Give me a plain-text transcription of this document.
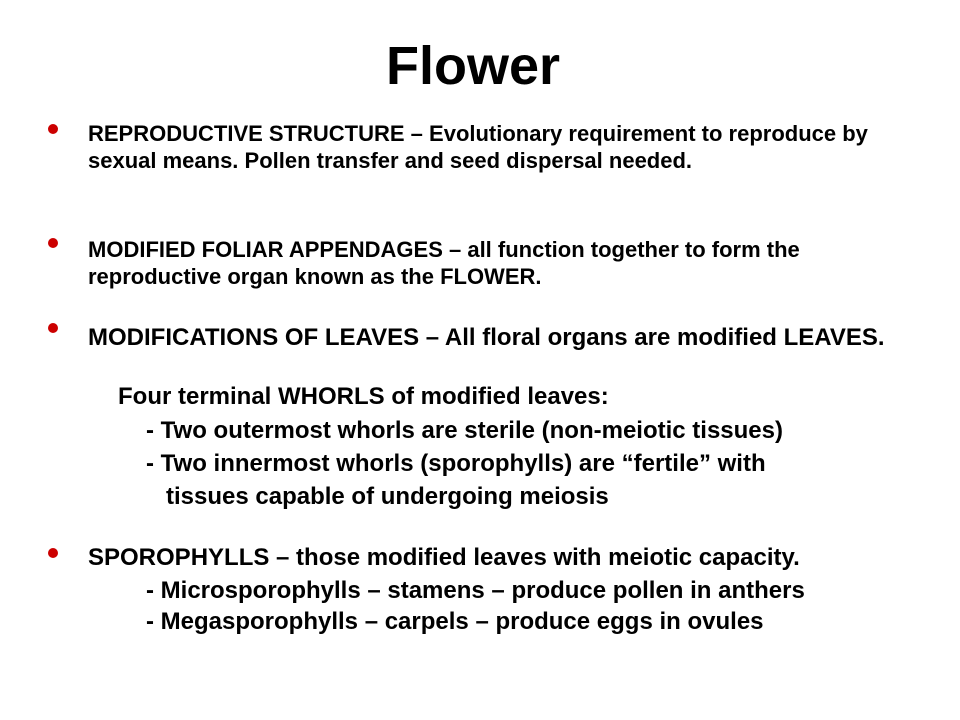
Flower
REPRODUCTIVE STRUCTURE – Evolutionary requirement to reproduce by sexual means. Pollen transfer and seed dispersal needed.
MODIFIED FOLIAR APPENDAGES – all function together to form the reproductive organ known as the FLOWER.
MODIFICATIONS OF LEAVES – All floral organs are modified LEAVES.
Four terminal WHORLS of modified leaves:
- Two outermost whorls are sterile (non-meiotic tissues)
- Two innermost whorls (sporophylls) are “fertile” with
tissues capable of undergoing meiosis
SPOROPHYLLS – those modified leaves with meiotic capacity.
- Microsporophylls – stamens – produce pollen in anthers
- Megasporophylls – carpels – produce eggs in ovules
